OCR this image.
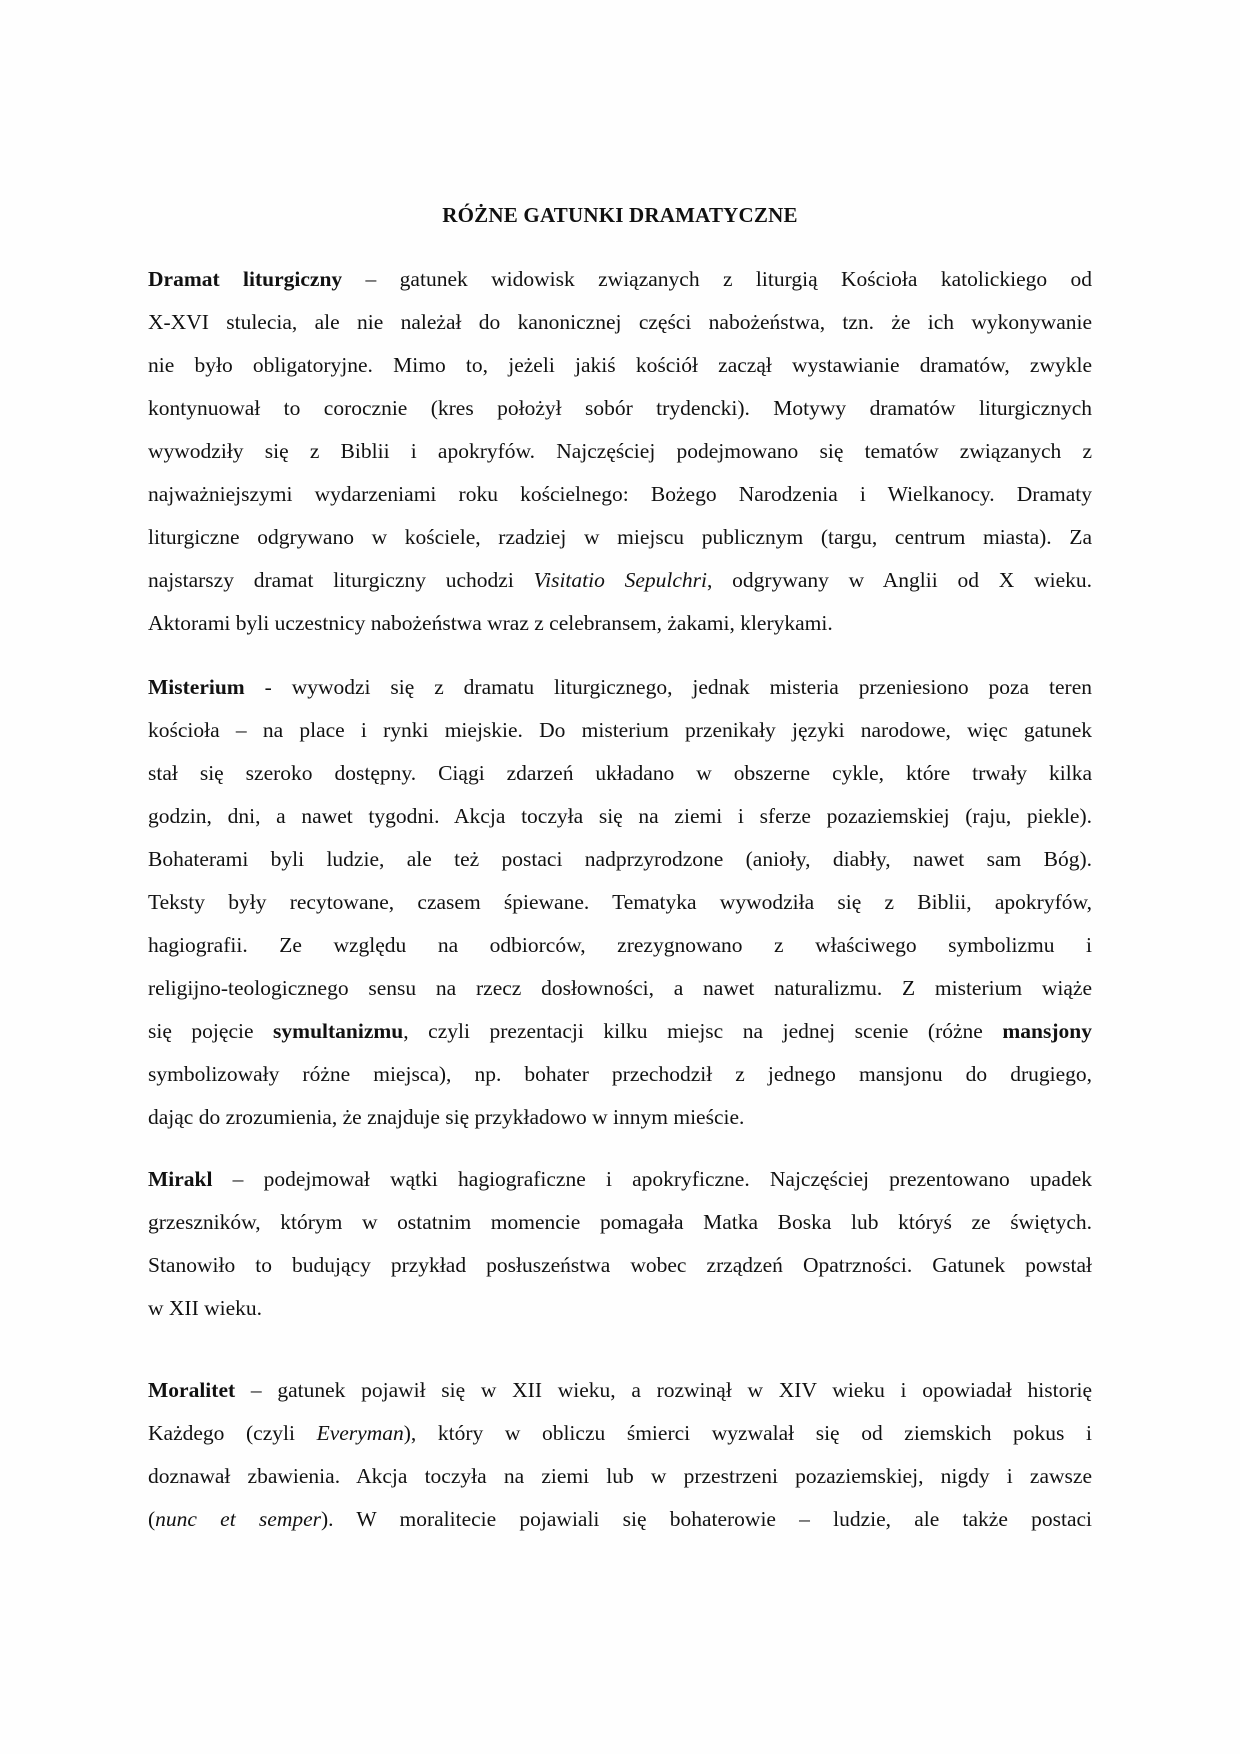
RÓŻNE GATUNKI DRAMATYCZNE
Dramat liturgiczny – gatunek widowisk związanych z liturgią Kościoła katolickiego od
X-XVI stulecia, ale nie należał do kanonicznej części nabożeństwa, tzn. że ich wykonywanie
nie było obligatoryjne. Mimo to, jeżeli jakiś kościół zaczął wystawianie dramatów, zwykle
kontynuował to corocznie (kres położył sobór trydencki). Motywy dramatów liturgicznych
wywodziły się z Biblii i apokryfów. Najczęściej podejmowano się tematów związanych z
najważniejszymi wydarzeniami roku kościelnego: Bożego Narodzenia i Wielkanocy. Dramaty
liturgiczne odgrywano w kościele, rzadziej w miejscu publicznym (targu, centrum miasta). Za
najstarszy dramat liturgiczny uchodzi Visitatio Sepulchri, odgrywany w Anglii od X wieku.
Aktorami byli uczestnicy nabożeństwa wraz z celebransem, żakami, klerykami.
Misterium - wywodzi się z dramatu liturgicznego, jednak misteria przeniesiono poza teren
kościoła – na place i rynki miejskie. Do misterium przenikały języki narodowe, więc gatunek
stał się szeroko dostępny. Ciągi zdarzeń układano w obszerne cykle, które trwały kilka
godzin, dni, a nawet tygodni. Akcja toczyła się na ziemi i sferze pozaziemskiej (raju, piekle).
Bohaterami byli ludzie, ale też postaci nadprzyrodzone (anioły, diabły, nawet sam Bóg).
Teksty były recytowane, czasem śpiewane. Tematyka wywodziła się z Biblii, apokryfów,
hagiografii. Ze względu na odbiorców, zrezygnowano z właściwego symbolizmu i
religijno-teologicznego sensu na rzecz dosłowności, a nawet naturalizmu. Z misterium wiąże
się pojęcie symultanizmu, czyli prezentacji kilku miejsc na jednej scenie (różne mansjony
symbolizowały różne miejsca), np. bohater przechodził z jednego mansjonu do drugiego,
dając do zrozumienia, że znajduje się przykładowo w innym mieście.
Mirakl – podejmował wątki hagiograficzne i apokryficzne. Najczęściej prezentowano upadek
grzeszników, którym w ostatnim momencie pomagała Matka Boska lub któryś ze świętych.
Stanowiło to budujący przykład posłuszeństwa wobec zrządzeń Opatrzności. Gatunek powstał
w XII wieku.
Moralitet – gatunek pojawił się w XII wieku, a rozwinął w XIV wieku i opowiadał historię
Każdego (czyli Everyman), który w obliczu śmierci wyzwalał się od ziemskich pokus i
doznawał zbawienia. Akcja toczyła na ziemi lub w przestrzeni pozaziemskiej, nigdy i zawsze
(nunc et semper). W moralitecie pojawiali się bohaterowie – ludzie, ale także postaci
